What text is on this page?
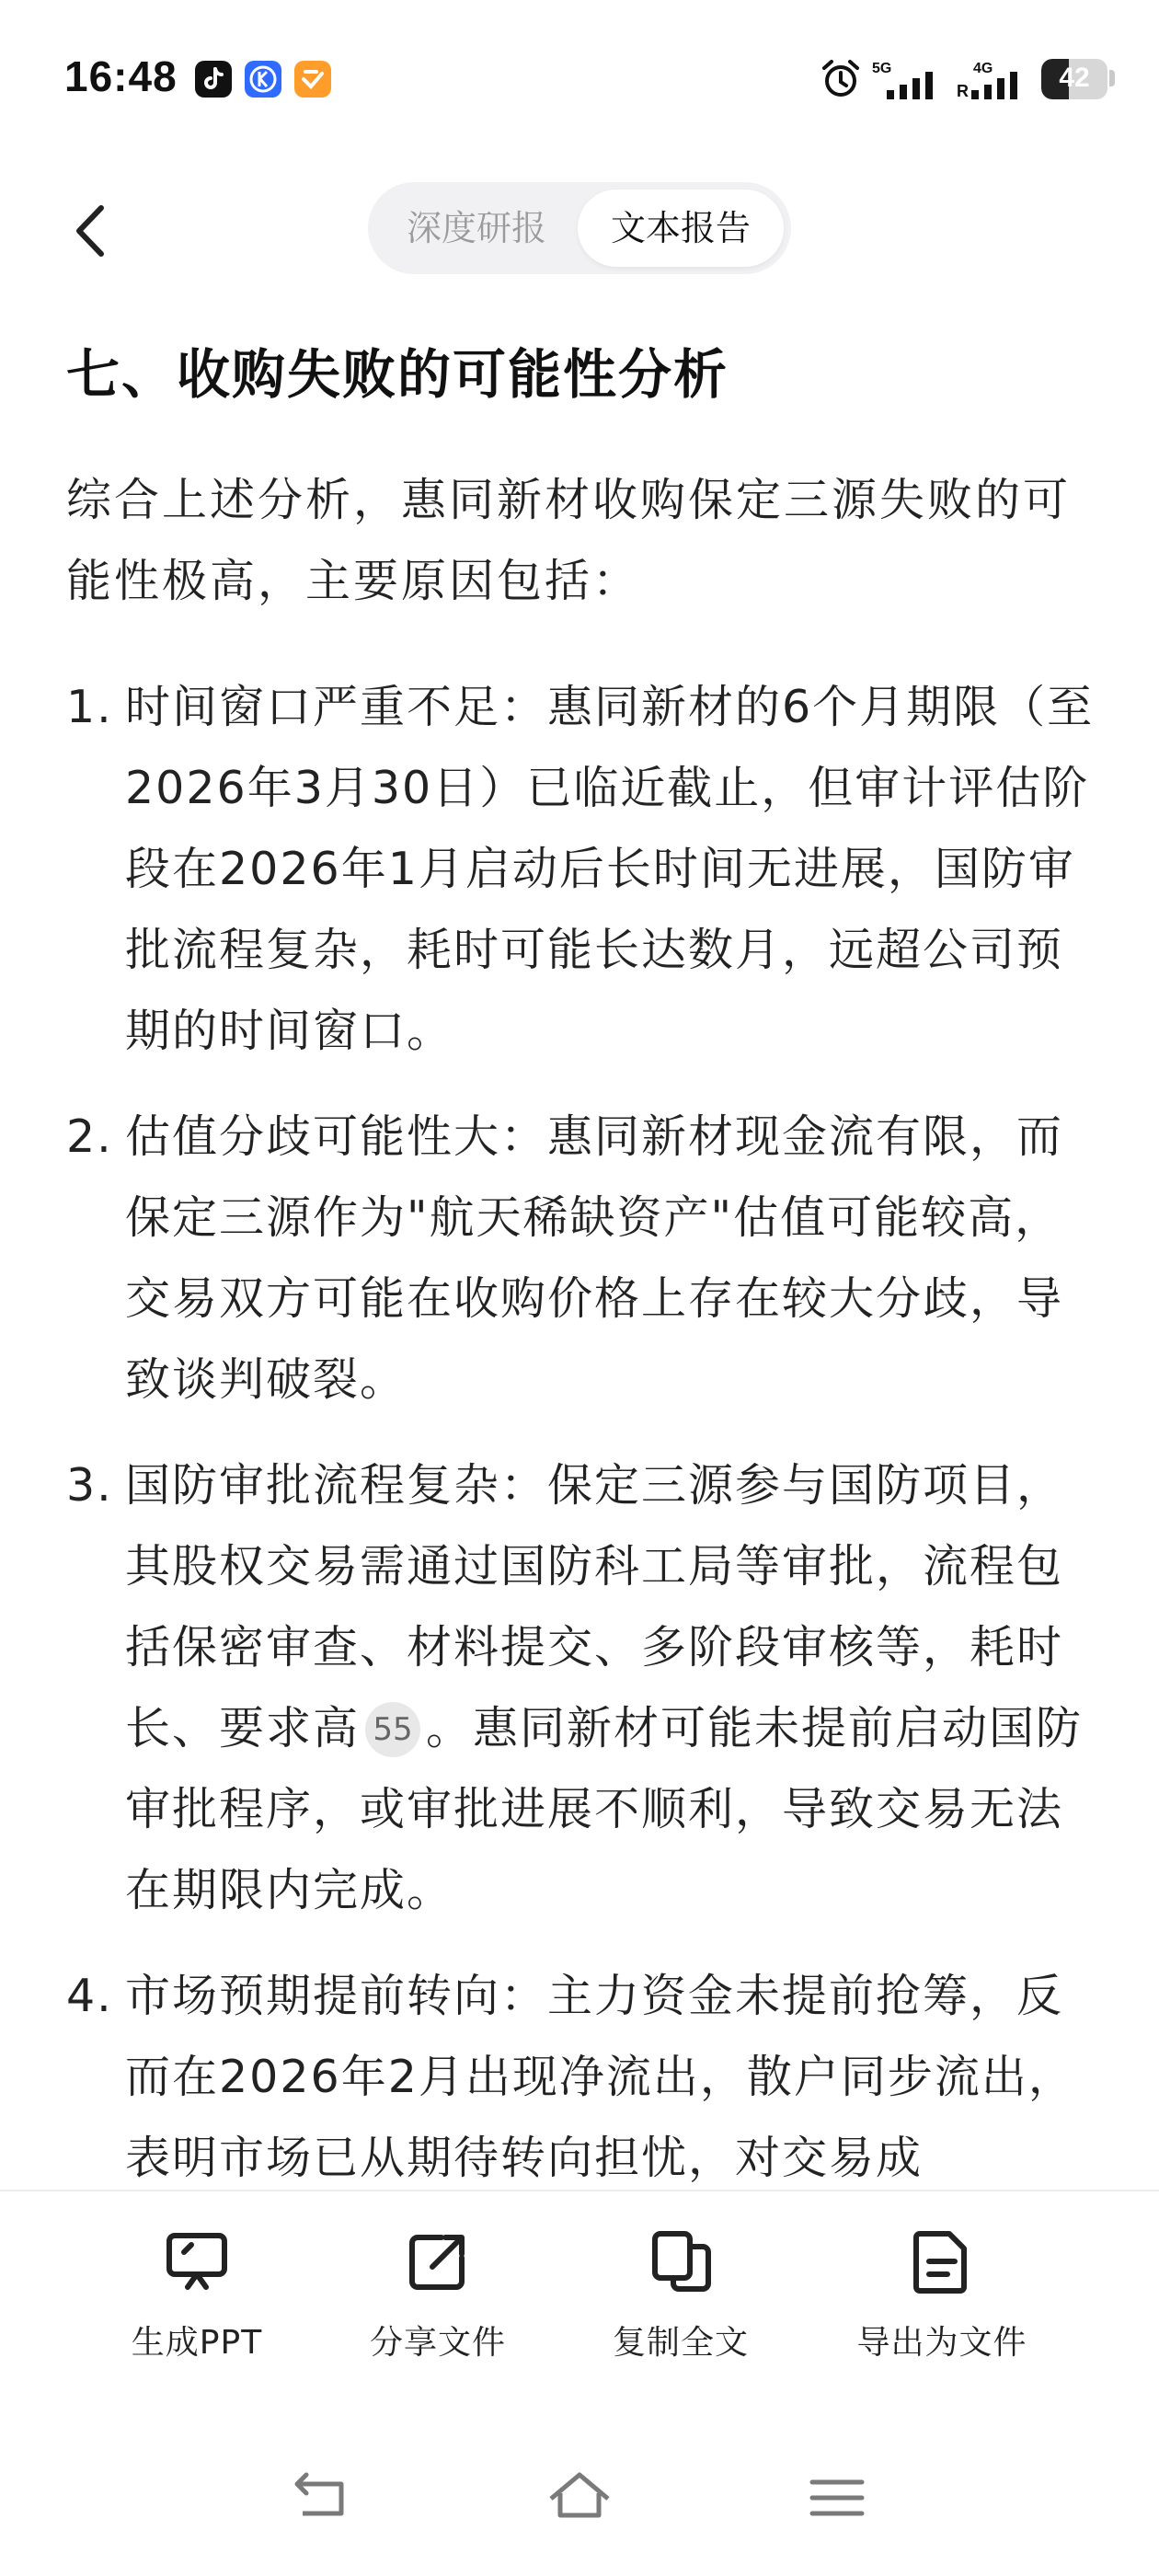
16:48	5G	4G
R	42
深度研报	文本报告
七、收购失败的可能性分析
综合上述分析，惠同新材收购保定三源失败的可能性极高，主要原因包括：
1. 时间窗口严重不足：惠同新材的6个月期限（至2026年3月30日）已临近截止，但审计评估阶段在2026年1月启动后长时间无进展，国防审批流程复杂，耗时可能长达数月，远超公司预期的时间窗口。
2. 估值分歧可能性大：惠同新材现金流有限，而保定三源作为"航天稀缺资产"估值可能较高，交易双方可能在收购价格上存在较大分歧，导致谈判破裂。
3. 国防审批流程复杂：保定三源参与国防项目，其股权交易需通过国防科工局等审批，流程包括保密审查、材料提交、多阶段审核等，耗时长、要求高 55 。惠同新材可能未提前启动国防审批程序，或审批进展不顺利，导致交易无法在期限内完成。
4. 市场预期提前转向：主力资金未提前抢筹，反而在2026年2月出现净流出，散户同步流出，表明市场已从期待转向担忧，对交易成
生成PPT	分享文件	复制全文	导出为文件
